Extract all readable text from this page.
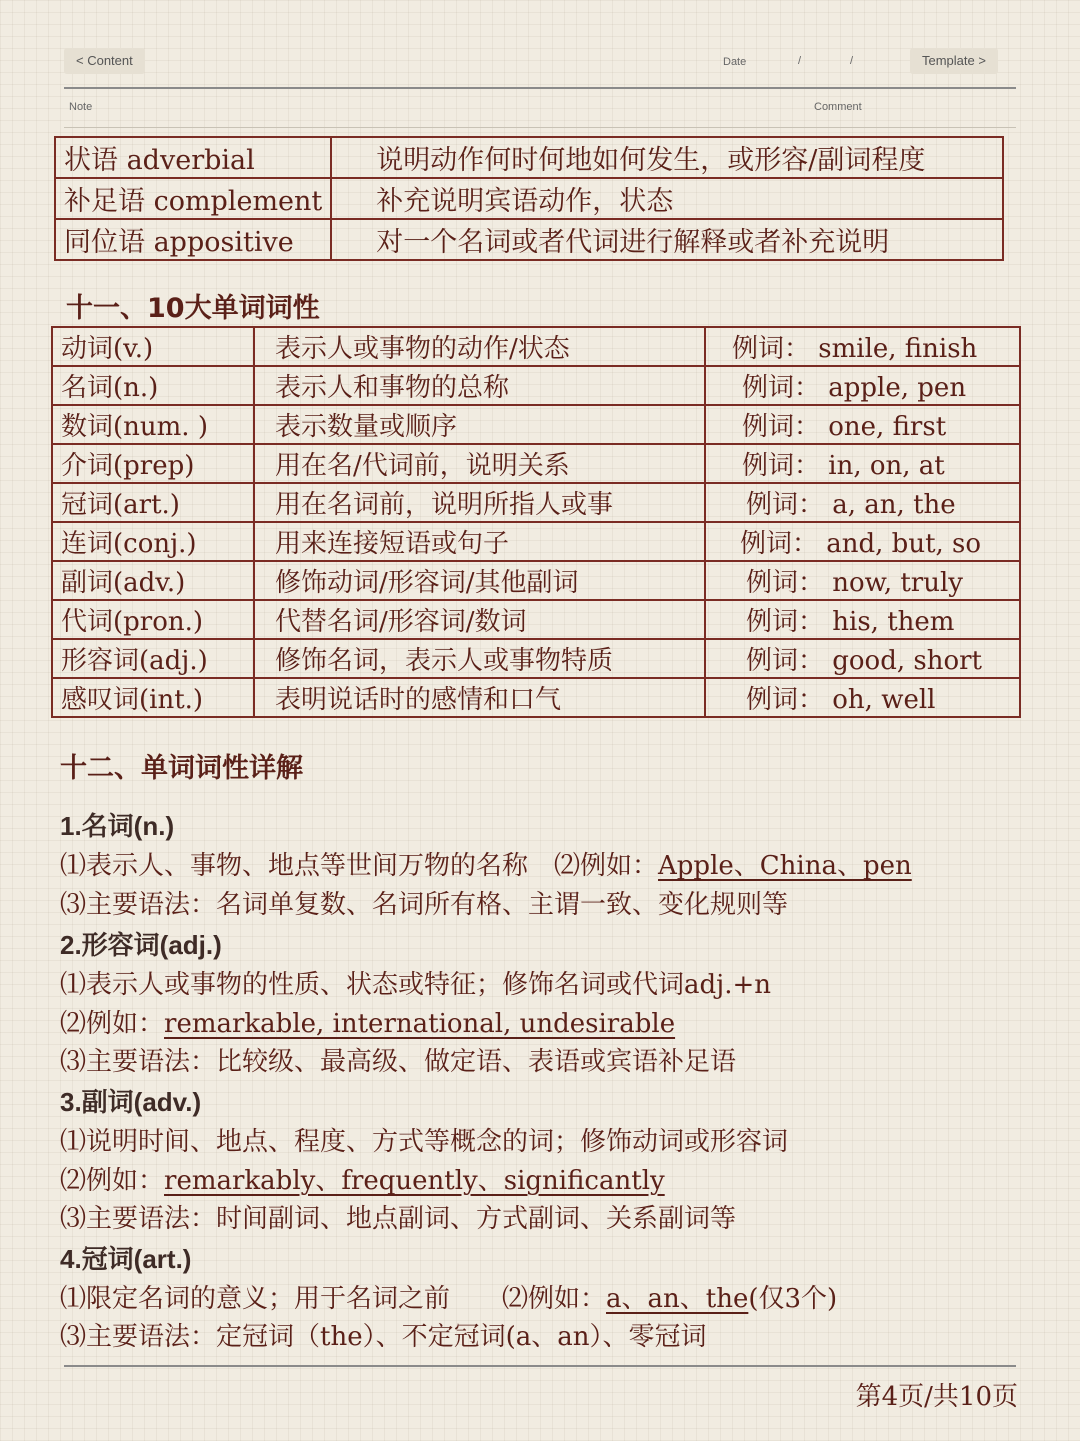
< Content	Date	/	/	Template >
Note	Comment
状语 adverbial	说明动作何时何地如何发生，或形容/副词程度
补足语 complement	补充说明宾语动作，状态
同位语 appositive	对一个名词或者代词进行解释或者补充说明
十一、10大单词词性
动词(v.)	表示人或事物的动作/状态	例词： smile, finish
名词(n.)	表示人和事物的总称	例词： apple, pen
数词(num. )	表示数量或顺序	例词： one, first
介词(prep)	用在名/代词前，说明关系	例词： in, on, at
冠词(art.)	用在名词前，说明所指人或事	例词： a, an, the
连词(conj.)	用来连接短语或句子	例词： and, but, so
副词(adv.)	修饰动词/形容词/其他副词	例词： now, truly
代词(pron.)	代替名词/形容词/数词	例词： his, them
形容词(adj.)	修饰名词，表示人或事物特质	例词： good, short
感叹词(int.)	表明说话时的感情和口气	例词： oh, well
十二、单词词性详解
1.名词(n.)
⑴表示人、事物、地点等世间万物的名称　⑵例如：Apple、China、pen
⑶主要语法：名词单复数、名词所有格、主谓一致、变化规则等
2.形容词(adj.)
⑴表示人或事物的性质、状态或特征；修饰名词或代词adj.+n
⑵例如：remarkable, international, undesirable
⑶主要语法：比较级、最高级、做定语、表语或宾语补足语
3.副词(adv.)
⑴说明时间、地点、程度、方式等概念的词；修饰动词或形容词
⑵例如：remarkably、frequently、significantly
⑶主要语法：时间副词、地点副词、方式副词、关系副词等
4.冠词(art.)
⑴限定名词的意义；用于名词之前　　⑵例如：a、an、the(仅3个)
⑶主要语法：定冠词（the）、不定冠词(a、an）、零冠词
第4页/共10页
